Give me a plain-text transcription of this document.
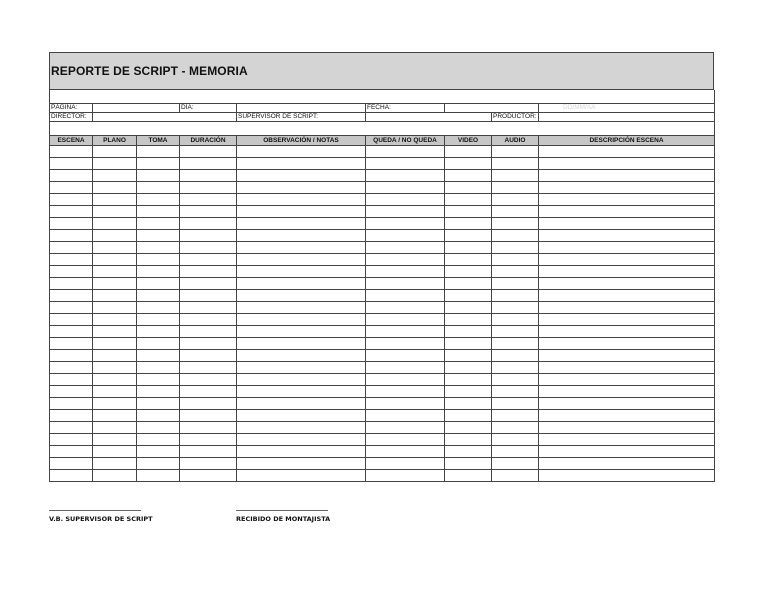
REPORTE DE SCRIPT - MEMORIA

PÁGINA:		DÍA:		FECHA:			DD/MM/AA
DIRECTOR:			SUPERVISOR DE SCRIPT:			PRODUCTOR:	

ESCENA	PLANO	TOMA	DURACIÓN	OBSERVACIÓN / NOTAS	QUEDA / NO QUEDA	VIDEO	AUDIO	DESCRIPCIÓN ESCENA

V.B. SUPERVISOR DE SCRIPT	RECIBIDO DE MONTAJISTA
